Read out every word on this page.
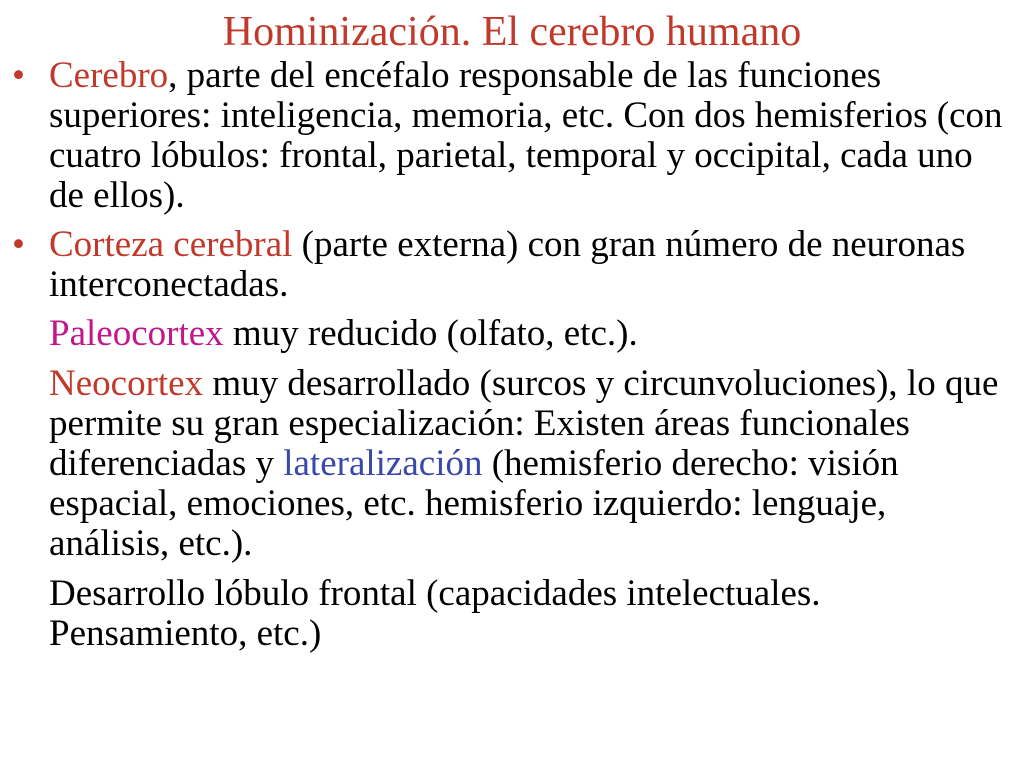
Hominización. El cerebro humano

• Cerebro, parte del encéfalo responsable de las funciones superiores: inteligencia, memoria, etc. Con dos hemisferios (con cuatro lóbulos: frontal, parietal, temporal y occipital, cada uno de ellos).

• Corteza cerebral (parte externa) con gran número de neuronas interconectadas.

Paleocortex muy reducido (olfato, etc.).

Neocortex muy desarrollado (surcos y circunvoluciones), lo que permite su gran especialización: Existen áreas funcionales diferenciadas y lateralización (hemisferio derecho: visión espacial, emociones, etc. hemisferio izquierdo: lenguaje, análisis, etc.).

Desarrollo lóbulo frontal (capacidades intelectuales. Pensamiento, etc.)
